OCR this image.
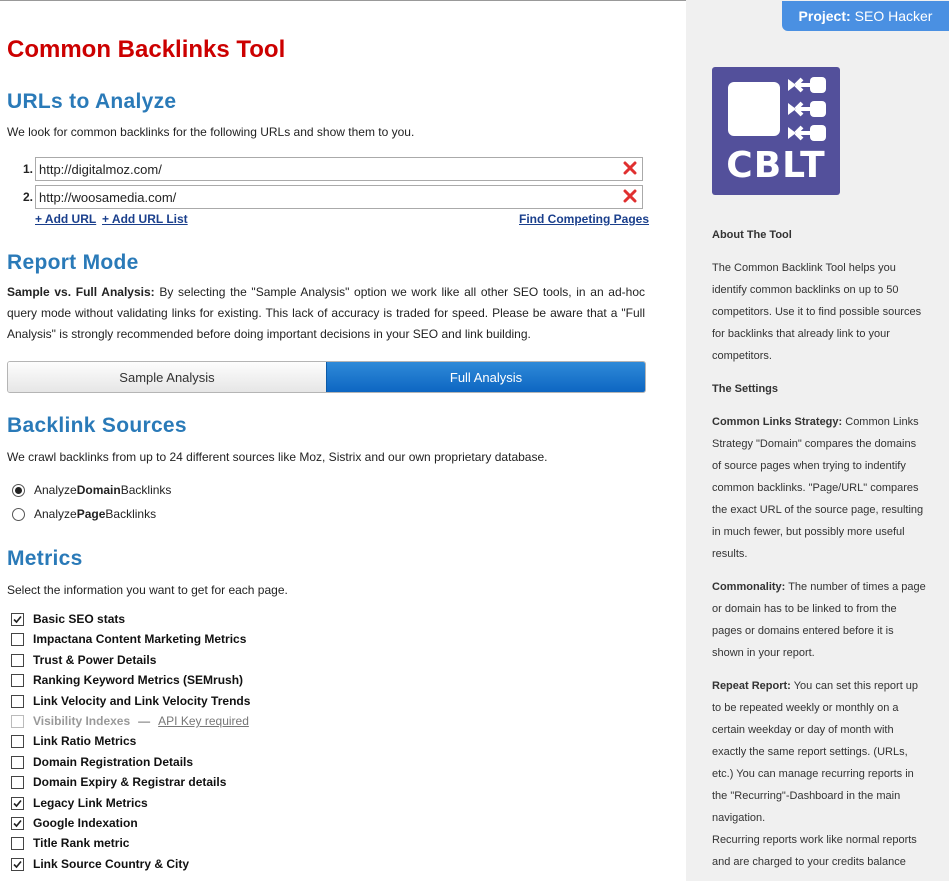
Common Backlinks Tool
URLs to Analyze

We look for common backlinks for the following URLs and show them to you.

1.
http://digitalmoz.com/
2.
http://woosamedia.com/
+ Add URL + Add URL List	Find Competing Pages
Report Mode

Sample vs. Full Analysis: By selecting the "Sample Analysis" option we work like all other SEO tools, in an ad-hoc query mode without validating links for existing. This lack of accuracy is traded for speed. Please be aware that a "Full Analysis" is strongly recommended before doing important decisions in your SEO and link building.

Sample Analysis	Full Analysis
Backlink Sources

We crawl backlinks from up to 24 different sources like Moz, Sistrix and our own proprietary database.

Analyze Domain Backlinks
Analyze Page Backlinks
Metrics

Select the information you want to get for each page.

Basic SEO stats
Impactana Content Marketing Metrics
Trust & Power Details
Ranking Keyword Metrics (SEMrush)
Link Velocity and Link Velocity Trends
Visibility Indexes — API Key required
Link Ratio Metrics
Domain Registration Details
Domain Expiry & Registrar details
Legacy Link Metrics
Google Indexation
Title Rank metric
Link Source Country & City
Project: SEO Hacker
CBLT
About The Tool

The Common Backlink Tool helps you identify common backlinks on up to 50 competitors. Use it to find possible sources for backlinks that already link to your competitors.

The Settings

Common Links Strategy: Common Links Strategy "Domain" compares the domains of source pages when trying to indentify common backlinks. "Page/URL" compares the exact URL of the source page, resulting in much fewer, but possibly more useful results.

Commonality: The number of times a page or domain has to be linked to from the pages or domains entered before it is shown in your report.

Repeat Report: You can set this report up to be repeated weekly or monthly on a certain weekday or day of month with exactly the same report settings. (URLs, etc.) You can manage recurring reports in the "Recurring"-Dashboard in the main navigation.

Recurring reports work like normal reports and are charged to your credits balance
